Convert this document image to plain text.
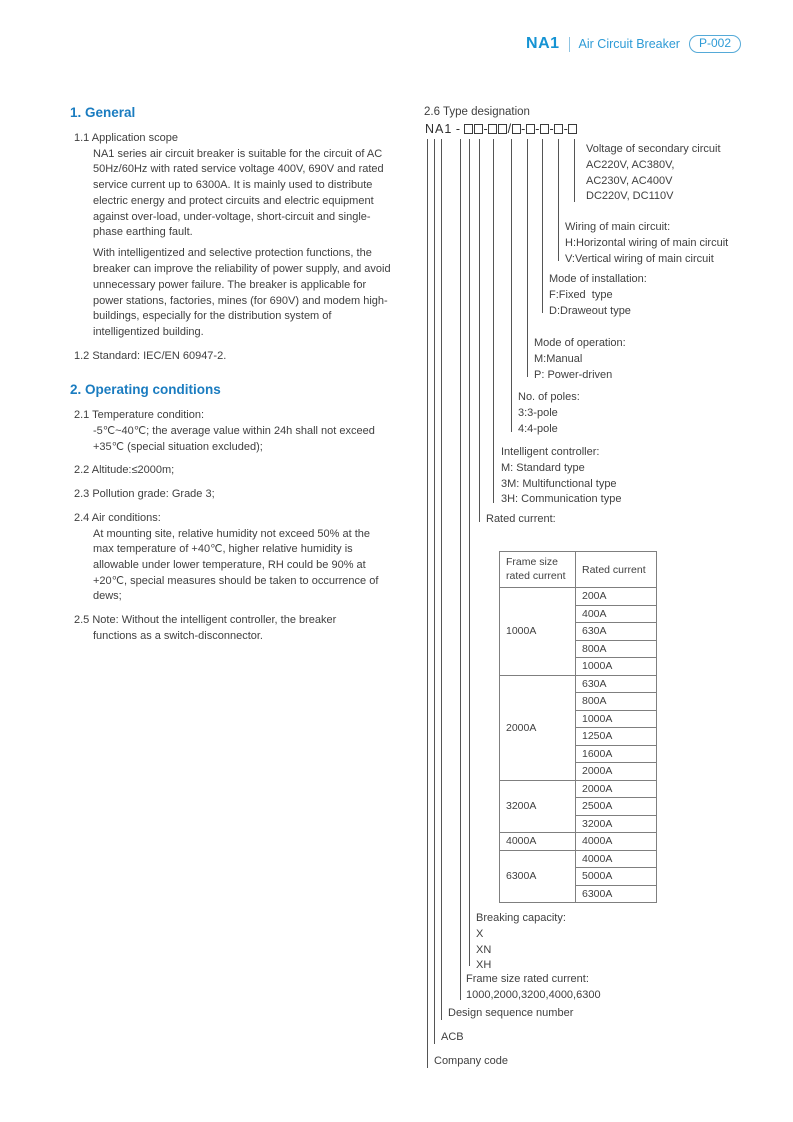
NA1 Air Circuit Breaker	P-002
1. General
1.1 Application scope
NA1 series air circuit breaker is suitable for the circuit of AC
50Hz/60Hz with rated service voltage 400V, 690V and rated
service current up to 6300A. It is mainly used to distribute
electric energy and protect circuits and electric equipment
against over-load, under-voltage, short-circuit and single-
phase earthing fault.
With intelligentized and selective protection functions, the
breaker can improve the reliability of power supply, and avoid
unnecessary power failure. The breaker is applicable for
power stations, factories, mines (for 690V) and modem high-
buildings, especially for the distribution system of
intelligentized building.
1.2 Standard: IEC/EN 60947-2.
2. Operating conditions
2.1 Temperature condition:
-5℃~40℃; the average value within 24h shall not exceed
+35℃ (special situation excluded);
2.2 Altitude:≤2000m;
2.3 Pollution grade: Grade 3;
2.4 Air conditions:
At mounting site, relative humidity not exceed 50% at the
max temperature of +40℃, higher relative humidity is
allowable under lower temperature, RH could be 90% at
+20℃, special measures should be taken to occurrence of
dews;
2.5 Note: Without the intelligent controller, the breaker
functions as a switch-disconnector.
2.6 Type designation
N A 1
-
- / - - - -
Company code
ACB
Design sequence number
Frame size rated current:
1000,2000,3200,4000,6300
Breaking capacity:
X
XN
XH
Rated current:
Intelligent controller:
M: Standard type
3M: Multifunctional type
3H: Communication type
No. of poles:
3:3-pole
4:4-pole
Mode of operation:
M:Manual
P: Power-driven
Mode of installation:
F:Fixed  type
D:Draweout type
Wiring of main circuit:
H:Horizontal wiring of main circuit
V:Vertical wiring of main circuit
Voltage of secondary circuit
AC220V, AC380V,
AC230V, AC400V
DC220V, DC110V
Frame size
rated current	Rated current
1000A	200A
	400A
	630A
	800A
	1000A
2000A	630A
	800A
	1000A
	1250A
	1600A
	2000A
3200A	2000A
	2500A
	3200A
4000A	4000A
6300A	4000A
	5000A
	6300A
